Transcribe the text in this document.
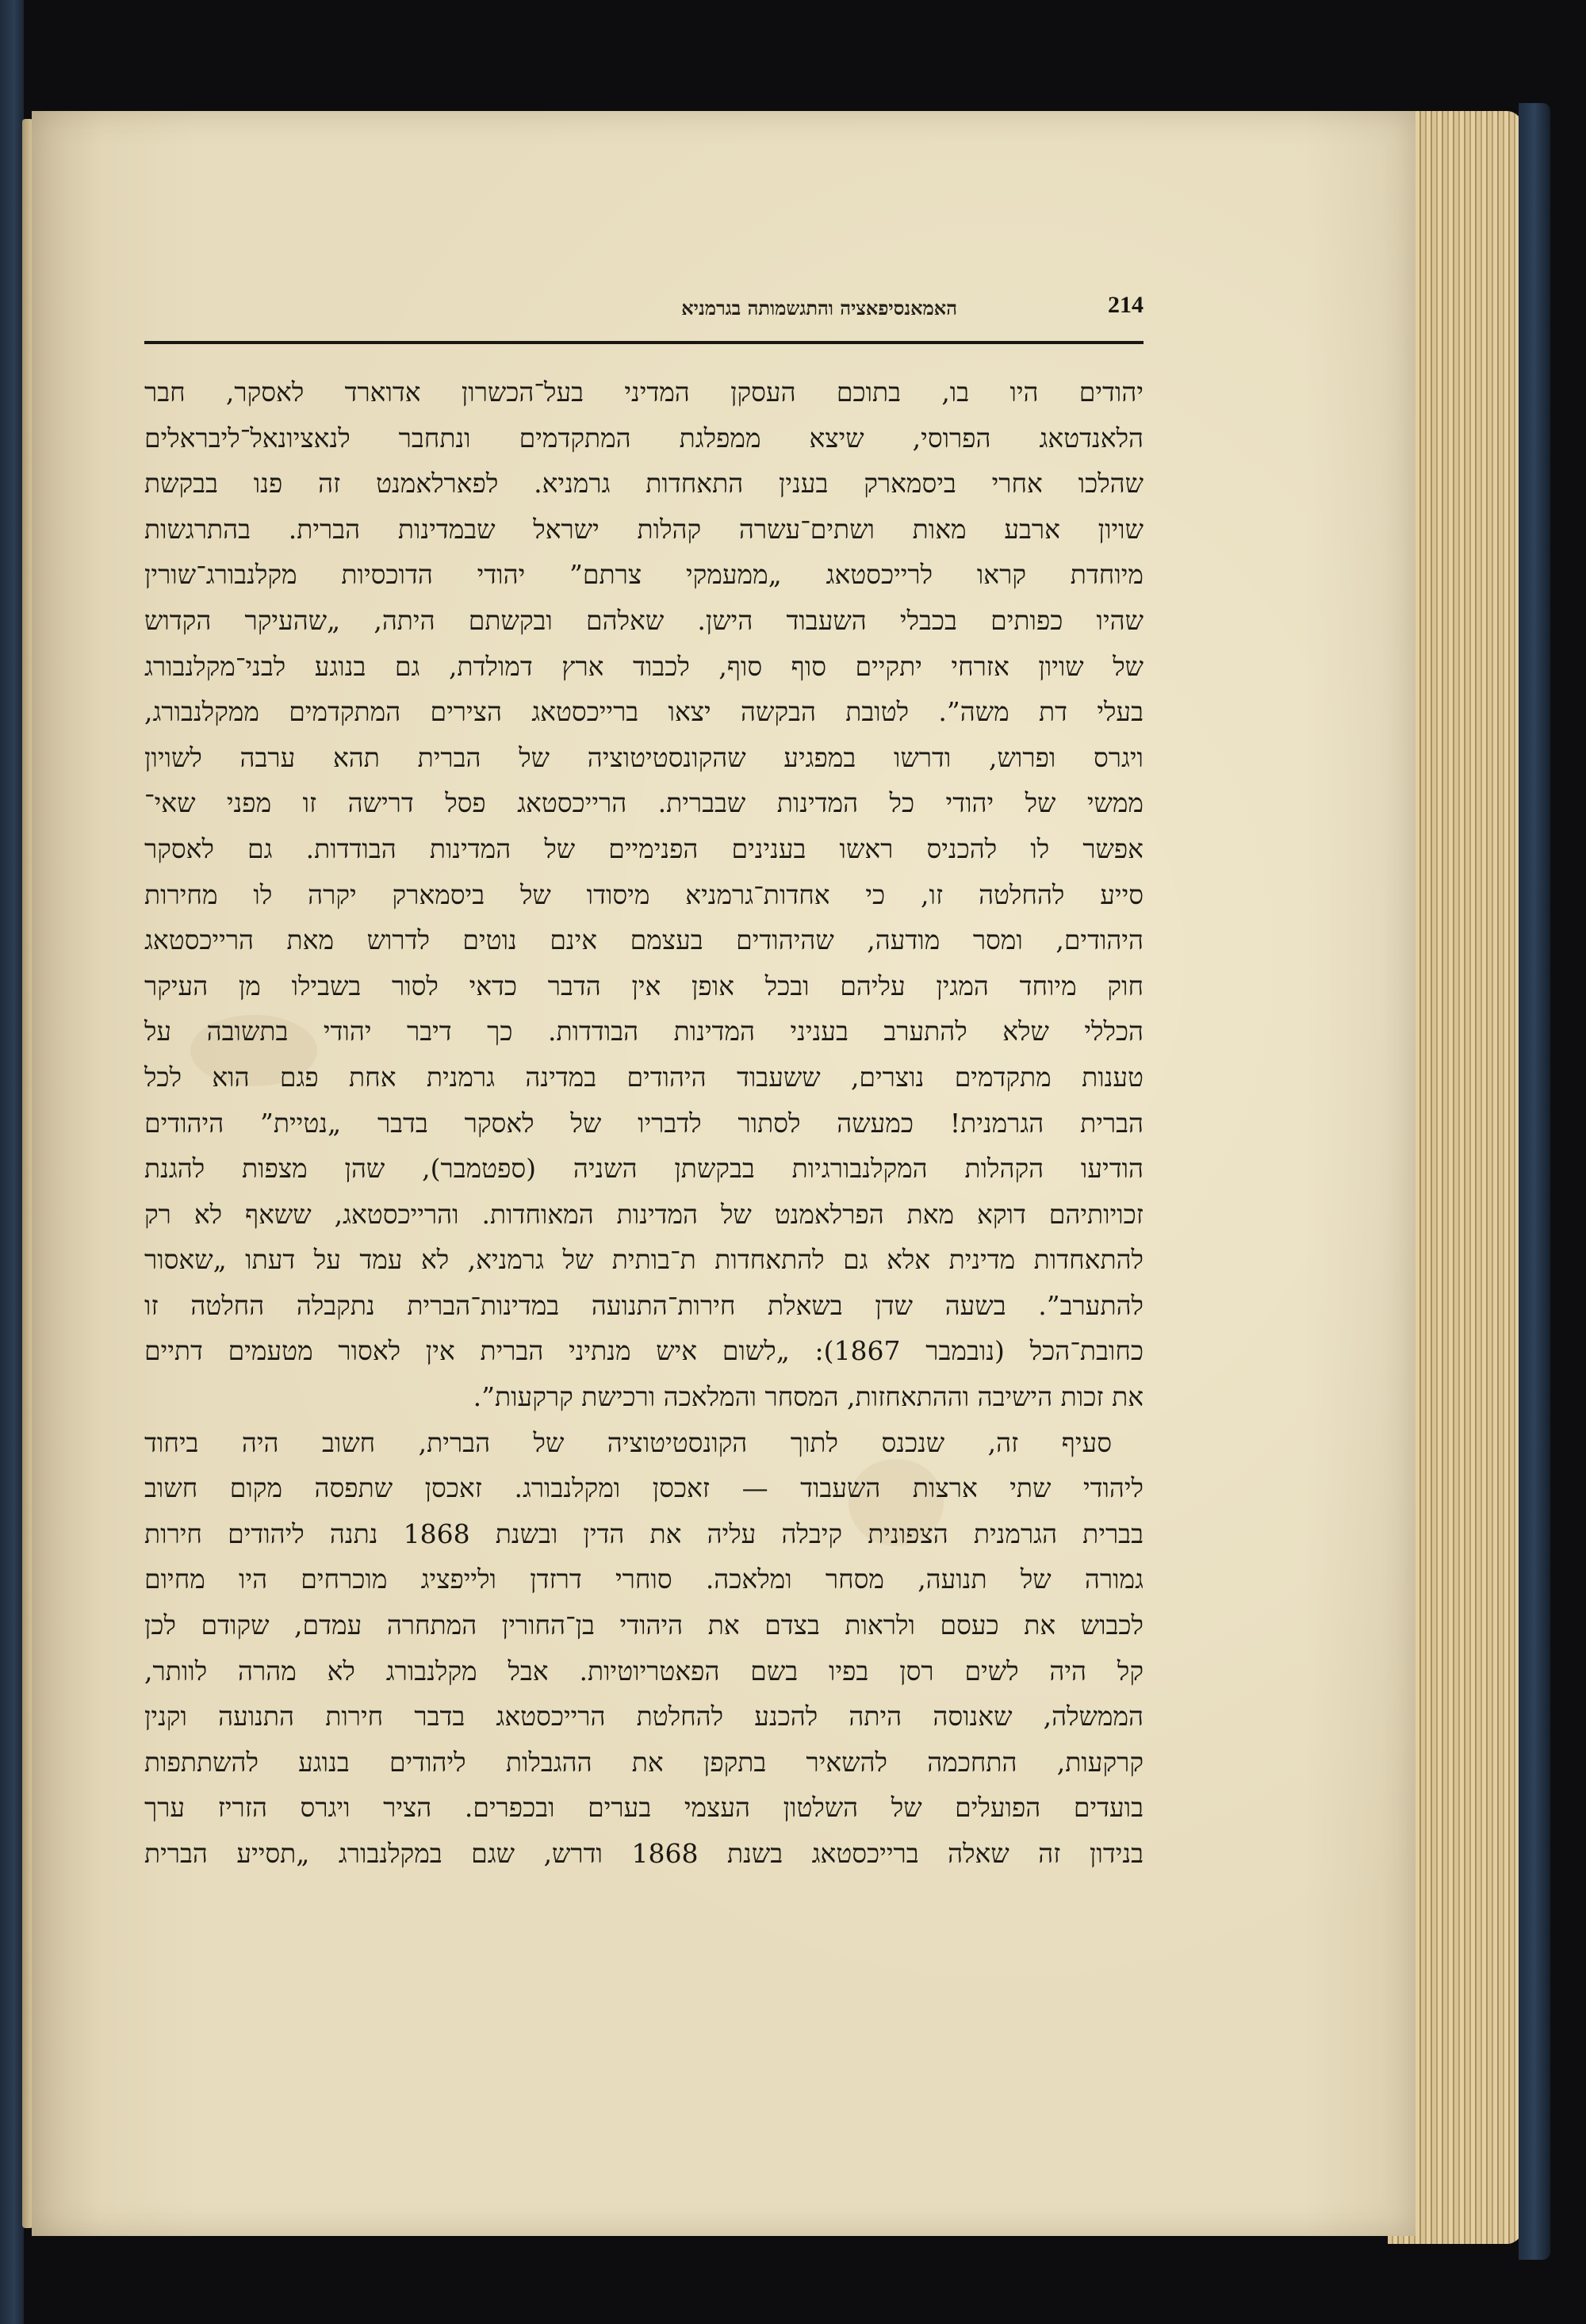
214
האמאנסיפאציה והתגשמותה בגרמניא
יהודים היו בו, בתוכם העסקן המדיני בעל־הכשרון אדוארד לאסקר, חבר
הלאנדטאג הפרוסי, שיצא ממפלגת המתקדמים ונתחבר לנאציונאל־ליבראלים
שהלכו אחרי ביסמארק בענין התאחדות גרמניא. לפארלאמנט זה פנו בבקשת
שויון ארבע מאות ושתים־עשרה קהלות ישראל שבמדינות הברית. בהתרגשות
מיוחדת קראו לרייכסטאג „ממעמקי צרתם” יהודי הדוכסיות מקלנבורג־שורין
שהיו כפותים בכבלי השעבוד הישן. שאלהם ובקשתם היתה, „שהעיקר הקדוש
של שויון אזרחי יתקיים סוף סוף, לכבוד ארץ דמולדת, גם בנוגע לבני־מקלנבורג
בעלי דת משה”. לטובת הבקשה יצאו ברייכסטאג הצירים המתקדמים ממקלנבורג,
ויגרס ופרוש, ודרשו במפגיע שהקונסטיטוציה של הברית תהא ערבה לשויון
ממשי של יהודי כל המדינות שבברית. הרייכסטאג פסל דרישה זו מפני שאי־
אפשר לו להכניס ראשו בענינים הפנימיים של המדינות הבודדות. גם לאסקר
סייע להחלטה זו, כי אחדות־גרמניא מיסודו של ביסמארק יקרה לו מחירות
היהודים, ומסר מודעה, שהיהודים בעצמם אינם נוטים לדרוש מאת הרייכסטאג
חוק מיוחד המגין עליהם ובכל אופן אין הדבר כדאי לסור בשבילו מן העיקר
הכללי שלא להתערב בעניני המדינות הבודדות. כך דיבר יהודי בתשובה על
טענות מתקדמים נוצרים, ששעבוד היהודים במדינה גרמנית אחת פגם הוא לכל
הברית הגרמנית! כמעשה לסתור לדבריו של לאסקר בדבר „נטיית” היהודים
הודיעו הקהלות המקלנבורגיות בבקשתן השניה (ספטמבר), שהן מצפות להגנת
זכויותיהם דוקא מאת הפרלאמנט של המדינות המאוחדות. והרייכסטאג, ששאף לא רק
להתאחדות מדינית אלא גם להתאחדות ת־בותית של גרמניא, לא עמד על דעתו „שאסור
להתערב”. בשעה שדן בשאלת חירות־התנועה במדינות־הברית נתקבלה החלטה זו
כחובת־הכל (נובמבר 1867): „לשום איש מנתיני הברית אין לאסור מטעמים דתיים
את זכות הישיבה וההתאחזות, המסחר והמלאכה ורכישת קרקעות”.
סעיף זה, שנכנס לתוך הקונסטיטוציה של הברית, חשוב היה ביחוד
ליהודי שתי ארצות השעבוד — זאכסן ומקלנבורג. זאכסן שתפסה מקום חשוב
בברית הגרמנית הצפונית קיבלה עליה את הדין ובשנת 1868 נתנה ליהודים חירות
גמורה של תנועה, מסחר ומלאכה. סוחרי דרזדן ולייפציג מוכרחים היו מחיום
לכבוש את כעסם ולראות בצדם את היהודי בן־החורין המתחרה עמדם, שקודם לכן
קל היה לשים רסן בפיו בשם הפאטריוטיות. אבל מקלנבורג לא מהרה לוותר,
הממשלה, שאנוסה היתה להכנע להחלטת הרייכסטאג בדבר חירות התנועה וקנין
קרקעות, התחכמה להשאיר בתקפן את ההגבלות ליהודים בנוגע להשתתפות
בועדים הפועלים של השלטון העצמי בערים ובכפרים. הציר ויגרס הזריז ערך
בנידון זה שאלה ברייכסטאג בשנת 1868 ודרש, שגם במקלנבורג „תסייע הברית
